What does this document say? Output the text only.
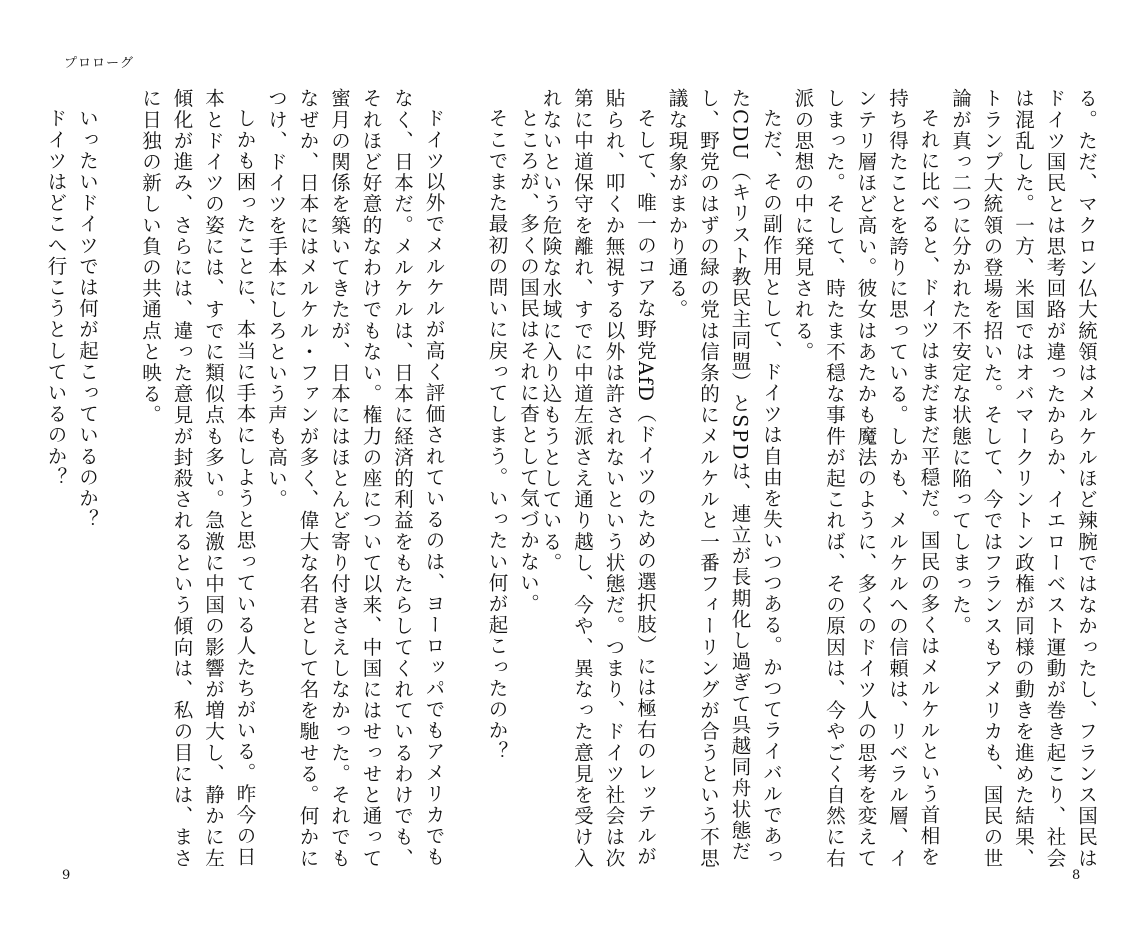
プロローグ

る。ただ、マクロン仏大統領はメルケルほど辣腕ではなかったし、フランス国民はドイツ国民とは思考回路が違ったからか、イエローベスト運動が巻き起こり、社会は混乱した。一方、米国ではオバマークリントン政権が同様の動きを進めた結果、トランプ大統領の登場を招いた。そして、今ではフランスもアメリカも、国民の世論が真っ二つに分かれた不安定な状態に陥ってしまった。

それに比べると、ドイツはまだまだ平穏だ。国民の多くはメルケルという首相を持ち得たことを誇りに思っている。しかも、メルケルへの信頼は、リベラル層、インテリ層ほど高い。彼女はあたかも魔法のように、多くのドイツ人の思考を変えてしまった。そして、時たま不穏な事件が起これば、その原因は、今やごく自然に右派の思想の中に発見される。

ただ、その副作用として、ドイツは自由を失いつつある。かつてライバルであったCDU（キリスト教民主同盟）とSPDは、連立が長期化し過ぎて呉越同舟状態だし、野党のはずの緑の党は信条的にメルケルと一番フィーリングが合うという不思議な現象がまかり通る。

そして、唯一のコアな野党AfD（ドイツのための選択肢）には極右のレッテルが貼られ、叩くか無視する以外は許されないという状態だ。つまり、ドイツ社会は次第に中道保守を離れ、すでに中道左派さえ通り越し、今や、異なった意見を受け入れないという危険な水域に入り込もうとしている。

ところが、多くの国民はそれに杳として気づかない。

そこでまた最初の問いに戻ってしまう。いったい何が起こったのか？

ドイツ以外でメルケルが高く評価されているのは、ヨーロッパでもアメリカでもなく、日本だ。メルケルは、日本に経済的利益をもたらしてくれているわけでも、それほど好意的なわけでもない。権力の座について以来、中国にはせっせと通って蜜月の関係を築いてきたが、日本にはほとんど寄り付きさえしなかった。それでもなぜか、日本にはメルケル・ファンが多く、偉大な名君として名を馳せる。何かにつけ、ドイツを手本にしろという声も高い。

しかも困ったことに、本当に手本にしようと思っている人たちがいる。昨今の日本とドイツの姿には、すでに類似点も多い。急激に中国の影響が増大し、静かに左傾化が進み、さらには、違った意見が封殺されるという傾向は、私の目には、まさに日独の新しい負の共通点と映る。

いったいドイツでは何が起こっているのか？

ドイツはどこへ行こうとしているのか？

9	8
